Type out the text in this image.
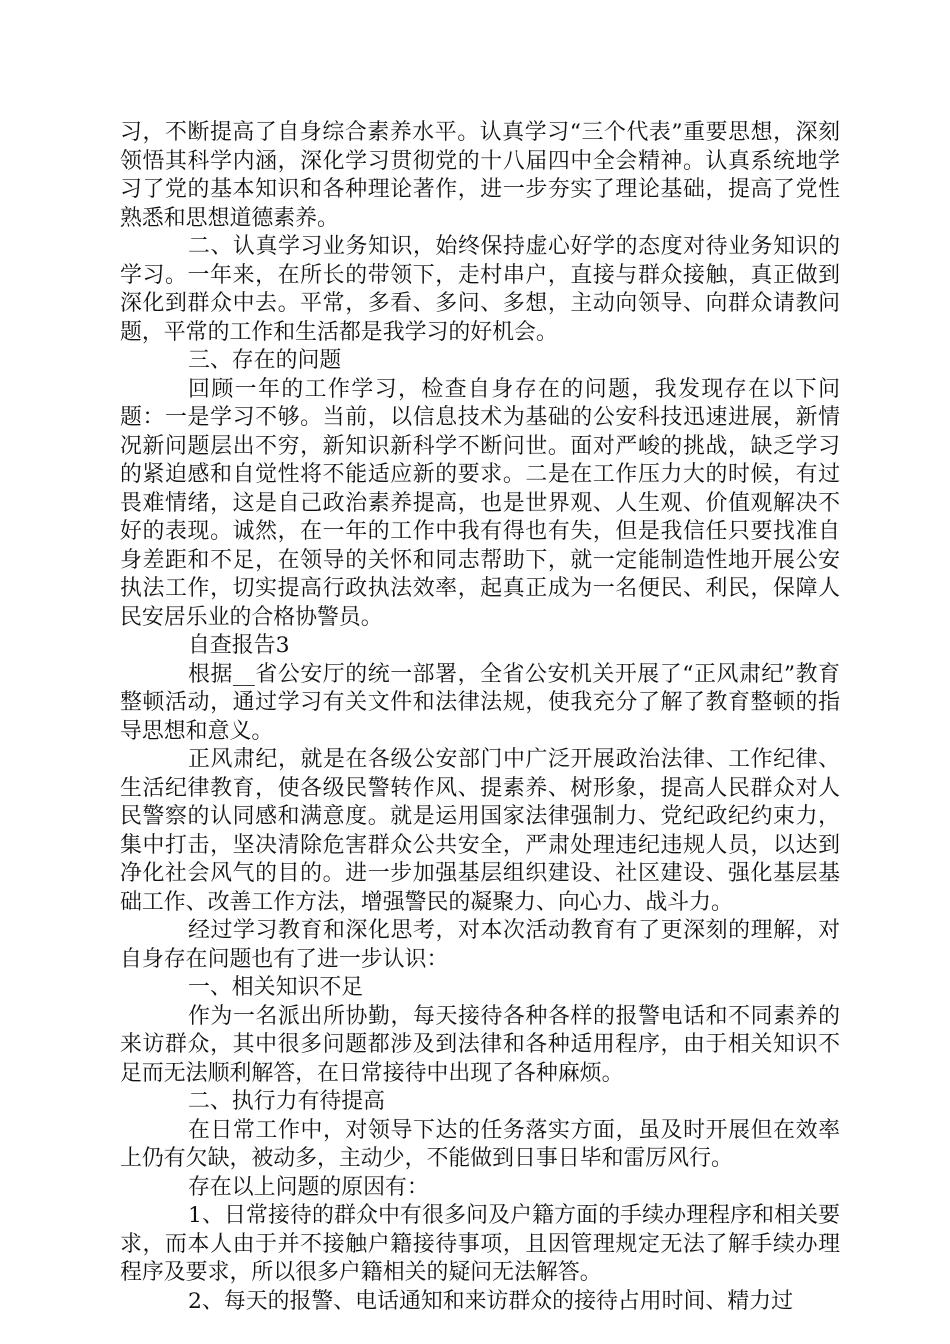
习，不断提高了自身综合素养水平。认真学习“三个代表”重要思想，深刻领悟其科学内涵，深化学习贯彻党的十八届四中全会精神。认真系统地学习了党的基本知识和各种理论著作，进一步夯实了理论基础，提高了党性熟悉和思想道德素养。

二、认真学习业务知识，始终保持虚心好学的态度对待业务知识的学习。一年来，在所长的带领下，走村串户，直接与群众接触，真正做到深化到群众中去。平常，多看、多问、多想，主动向领导、向群众请教问题，平常的工作和生活都是我学习的好机会。

三、存在的问题

回顾一年的工作学习，检查自身存在的问题，我发现存在以下问题：一是学习不够。当前，以信息技术为基础的公安科技迅速进展，新情况新问题层出不穷，新知识新科学不断问世。面对严峻的挑战，缺乏学习的紧迫感和自觉性将不能适应新的要求。二是在工作压力大的时候，有过畏难情绪，这是自己政治素养提高，也是世界观、人生观、价值观解决不好的表现。诚然，在一年的工作中我有得也有失，但是我信任只要找准自身差距和不足，在领导的关怀和同志帮助下，就一定能制造性地开展公安执法工作，切实提高行政执法效率，起真正成为一名便民、利民，保障人民安居乐业的合格协警员。

自查报告3

根据__省公安厅的统一部署，全省公安机关开展了“正风肃纪”教育整顿活动，通过学习有关文件和法律法规，使我充分了解了教育整顿的指导思想和意义。

正风肃纪，就是在各级公安部门中广泛开展政治法律、工作纪律、生活纪律教育，使各级民警转作风、提素养、树形象，提高人民群众对人民警察的认同感和满意度。就是运用国家法律强制力、党纪政纪约束力，集中打击，坚决清除危害群众公共安全，严肃处理违纪违规人员，以达到净化社会风气的目的。进一步加强基层组织建设、社区建设、强化基层基础工作、改善工作方法，增强警民的凝聚力、向心力、战斗力。

经过学习教育和深化思考，对本次活动教育有了更深刻的理解，对自身存在问题也有了进一步认识：

一、相关知识不足

作为一名派出所协勤，每天接待各种各样的报警电话和不同素养的来访群众，其中很多问题都涉及到法律和各种适用程序，由于相关知识不足而无法顺利解答，在日常接待中出现了各种麻烦。

二、执行力有待提高

在日常工作中，对领导下达的任务落实方面，虽及时开展但在效率上仍有欠缺，被动多，主动少，不能做到日事日毕和雷厉风行。

存在以上问题的原因有：

1、日常接待的群众中有很多问及户籍方面的手续办理程序和相关要求，而本人由于并不接触户籍接待事项，且因管理规定无法了解手续办理程序及要求，所以很多户籍相关的疑问无法解答。

2、每天的报警、电话通知和来访群众的接待占用时间、精力过
